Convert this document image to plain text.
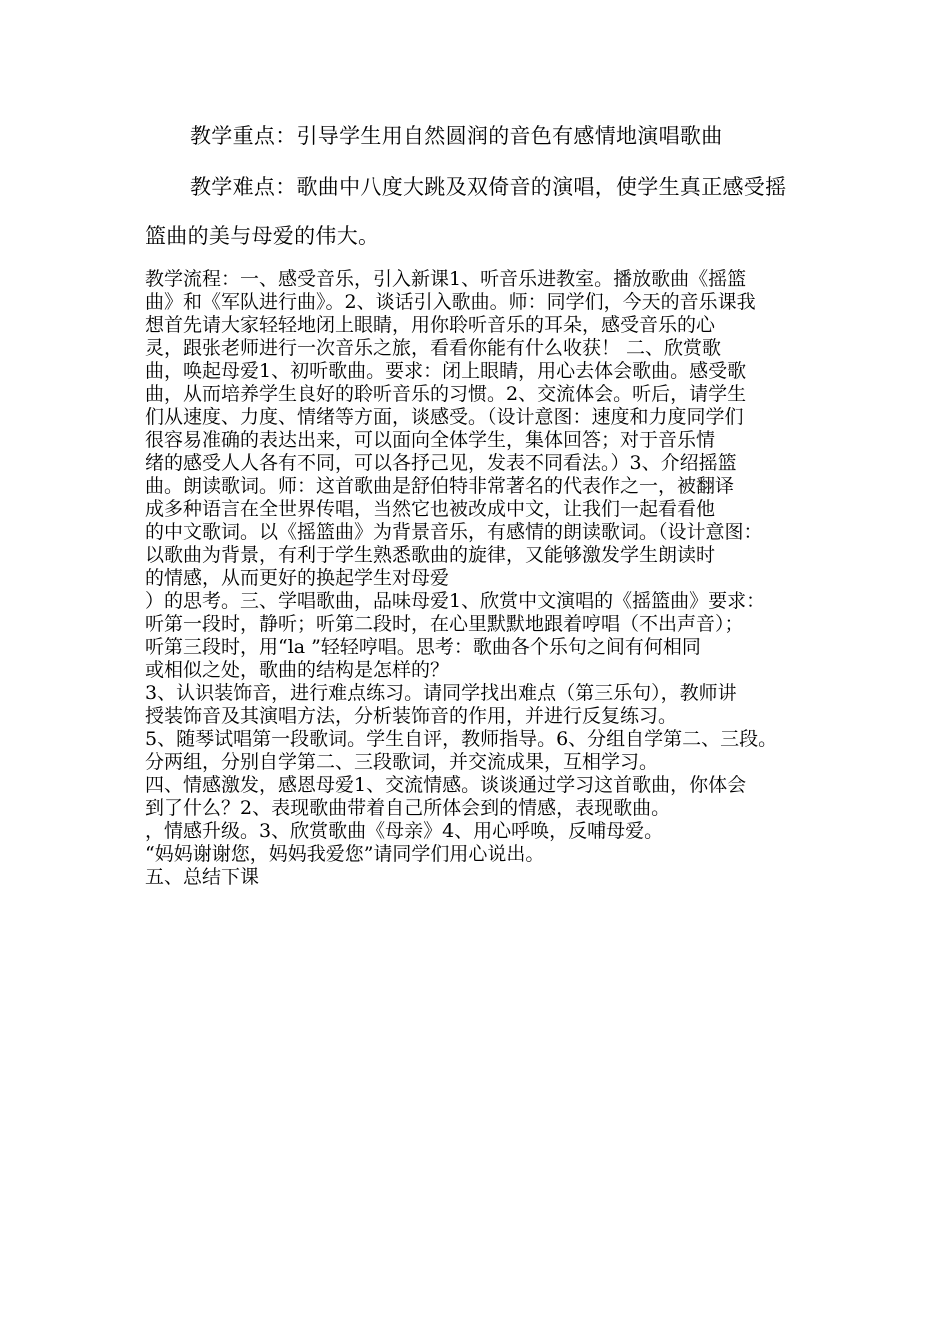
教学重点：引导学生用自然圆润的音色有感情地演唱歌曲
教学难点：歌曲中八度大跳及双倚音的演唱，使学生真正感受摇
篮曲的美与母爱的伟大。
教学流程：一、感受音乐，引入新课1、听音乐进教室。播放歌曲《摇篮
曲》和《军队进行曲》。2、谈话引入歌曲。师：同学们，今天的音乐课我
想首先请大家轻轻地闭上眼睛，用你聆听音乐的耳朵，感受音乐的心
灵，跟张老师进行一次音乐之旅，看看你能有什么收获！ 二、欣赏歌
曲，唤起母爱1、初听歌曲。要求：闭上眼睛，用心去体会歌曲。感受歌
曲，从而培养学生良好的聆听音乐的习惯。2、交流体会。听后，请学生
们从速度、力度、情绪等方面，谈感受。（设计意图：速度和力度同学们
很容易准确的表达出来，可以面向全体学生，集体回答；对于音乐情
绪的感受人人各有不同，可以各抒己见，发表不同看法。）3、介绍摇篮
曲。朗读歌词。师：这首歌曲是舒伯特非常著名的代表作之一，被翻译
成多种语言在全世界传唱，当然它也被改成中文，让我们一起看看他
的中文歌词。以《摇篮曲》为背景音乐，有感情的朗读歌词。（设计意图：
以歌曲为背景，有利于学生熟悉歌曲的旋律，又能够激发学生朗读时
的情感，从而更好的换起学生对母爱
）的思考。三、学唱歌曲，品味母爱1、欣赏中文演唱的《摇篮曲》要求：
听第一段时，静听；听第二段时，在心里默默地跟着哼唱（不出声音）；
听第三段时，用“la ”轻轻哼唱。思考：歌曲各个乐句之间有何相同
或相似之处，歌曲的结构是怎样的？
3、认识装饰音，进行难点练习。请同学找出难点（第三乐句），教师讲
授装饰音及其演唱方法，分析装饰音的作用，并进行反复练习。
5、随琴试唱第一段歌词。学生自评，教师指导。6、分组自学第二、三段。
分两组，分别自学第二、三段歌词，并交流成果，互相学习。
四、情感激发，感恩母爱1、交流情感。谈谈通过学习这首歌曲，你体会
到了什么？2、表现歌曲带着自己所体会到的情感，表现歌曲。
，情感升级。3、欣赏歌曲《母亲》4、用心呼唤，反哺母爱。
“妈妈谢谢您，妈妈我爱您”请同学们用心说出。
五、总结下课
